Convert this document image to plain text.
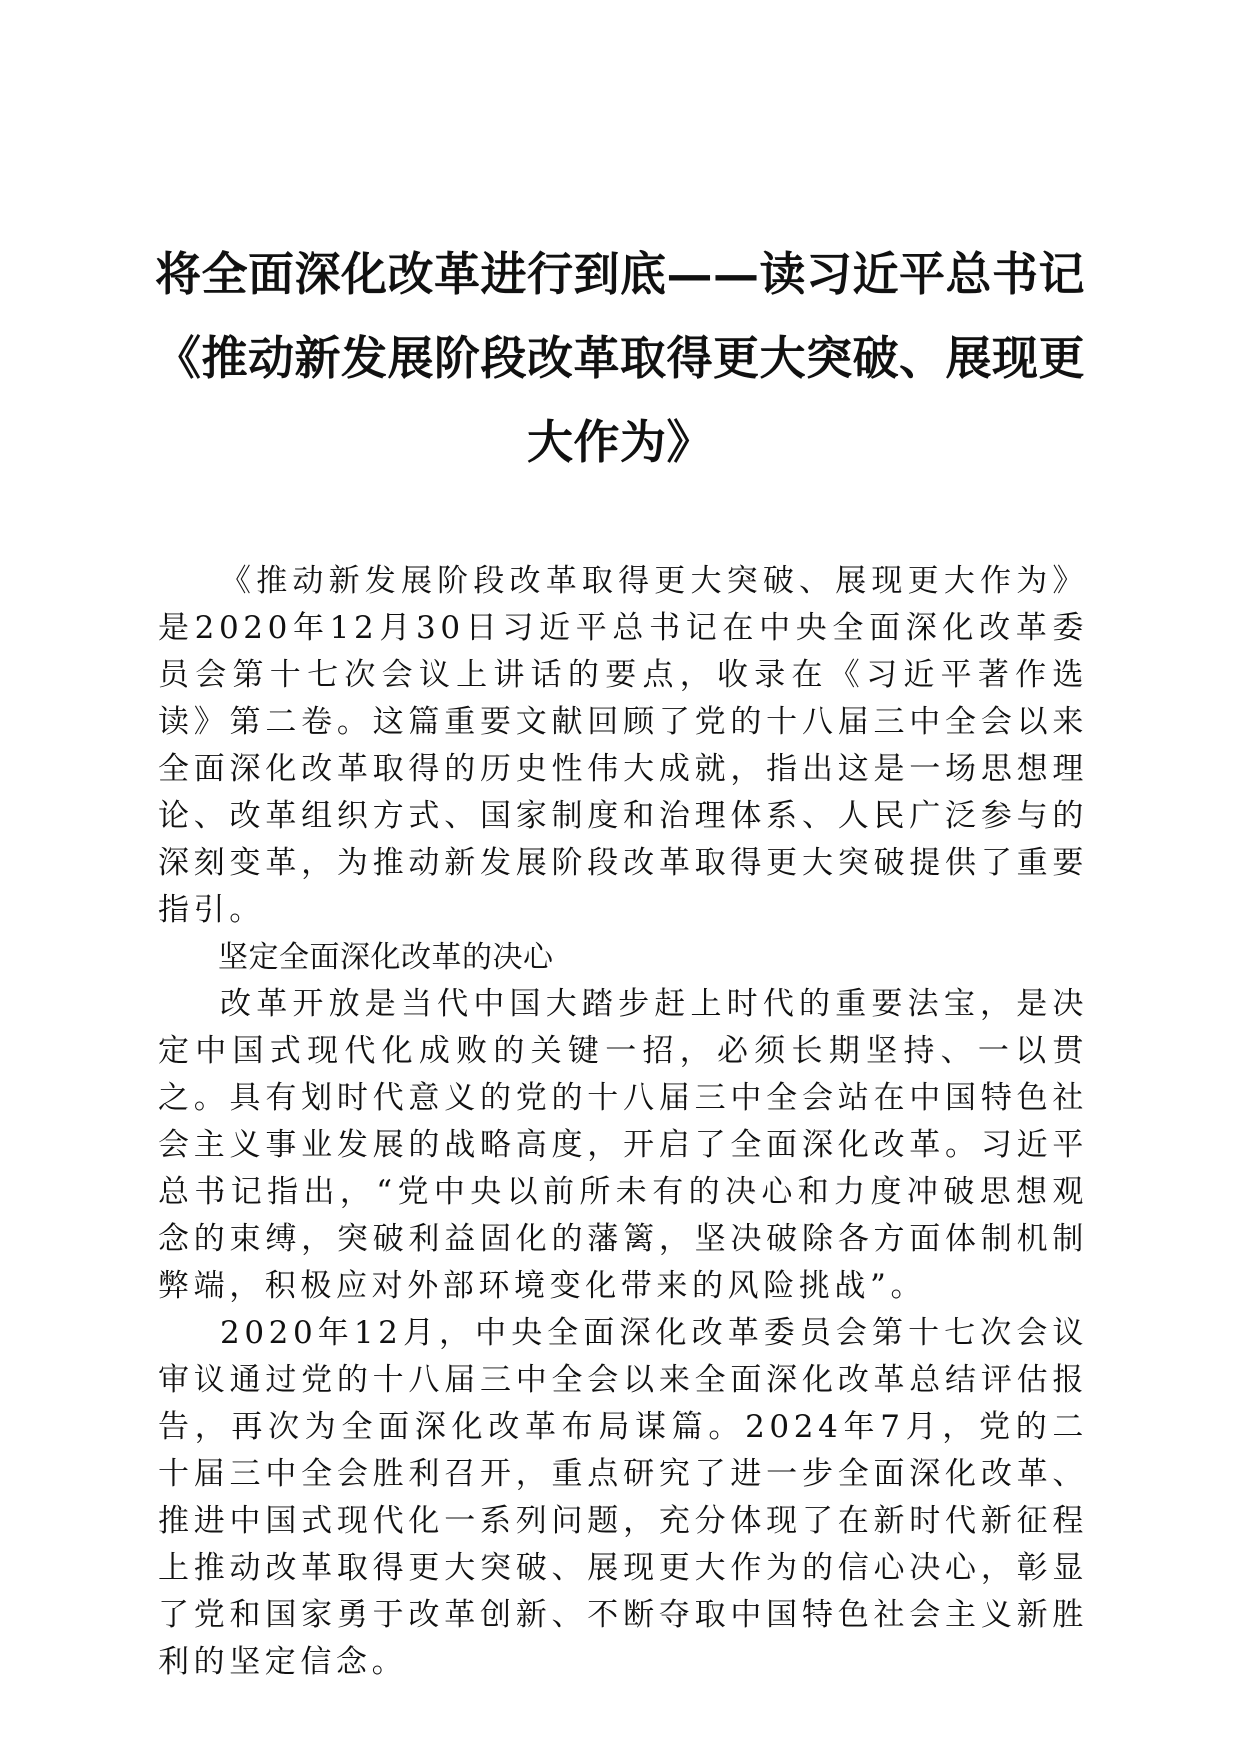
将全面深化改革进行到底——读习近平总书记
《推动新发展阶段改革取得更大突破、展现更
大作为》

《推动新发展阶段改革取得更大突破、展现更大作为》是2020年12月30日习近平总书记在中央全面深化改革委员会第十七次会议上讲话的要点，收录在《习近平著作选读》第二卷。这篇重要文献回顾了党的十八届三中全会以来全面深化改革取得的历史性伟大成就，指出这是一场思想理论、改革组织方式、国家制度和治理体系、人民广泛参与的深刻变革，为推动新发展阶段改革取得更大突破提供了重要指引。

坚定全面深化改革的决心

改革开放是当代中国大踏步赶上时代的重要法宝，是决定中国式现代化成败的关键一招，必须长期坚持、一以贯之。具有划时代意义的党的十八届三中全会站在中国特色社会主义事业发展的战略高度，开启了全面深化改革。习近平总书记指出，“党中央以前所未有的决心和力度冲破思想观念的束缚，突破利益固化的藩篱，坚决破除各方面体制机制弊端，积极应对外部环境变化带来的风险挑战”。

2020年12月，中央全面深化改革委员会第十七次会议审议通过党的十八届三中全会以来全面深化改革总结评估报告，再次为全面深化改革布局谋篇。2024年7月，党的二十届三中全会胜利召开，重点研究了进一步全面深化改革、推进中国式现代化一系列问题，充分体现了在新时代新征程上推动改革取得更大突破、展现更大作为的信心决心，彰显了党和国家勇于改革创新、不断夺取中国特色社会主义新胜利的坚定信念。
